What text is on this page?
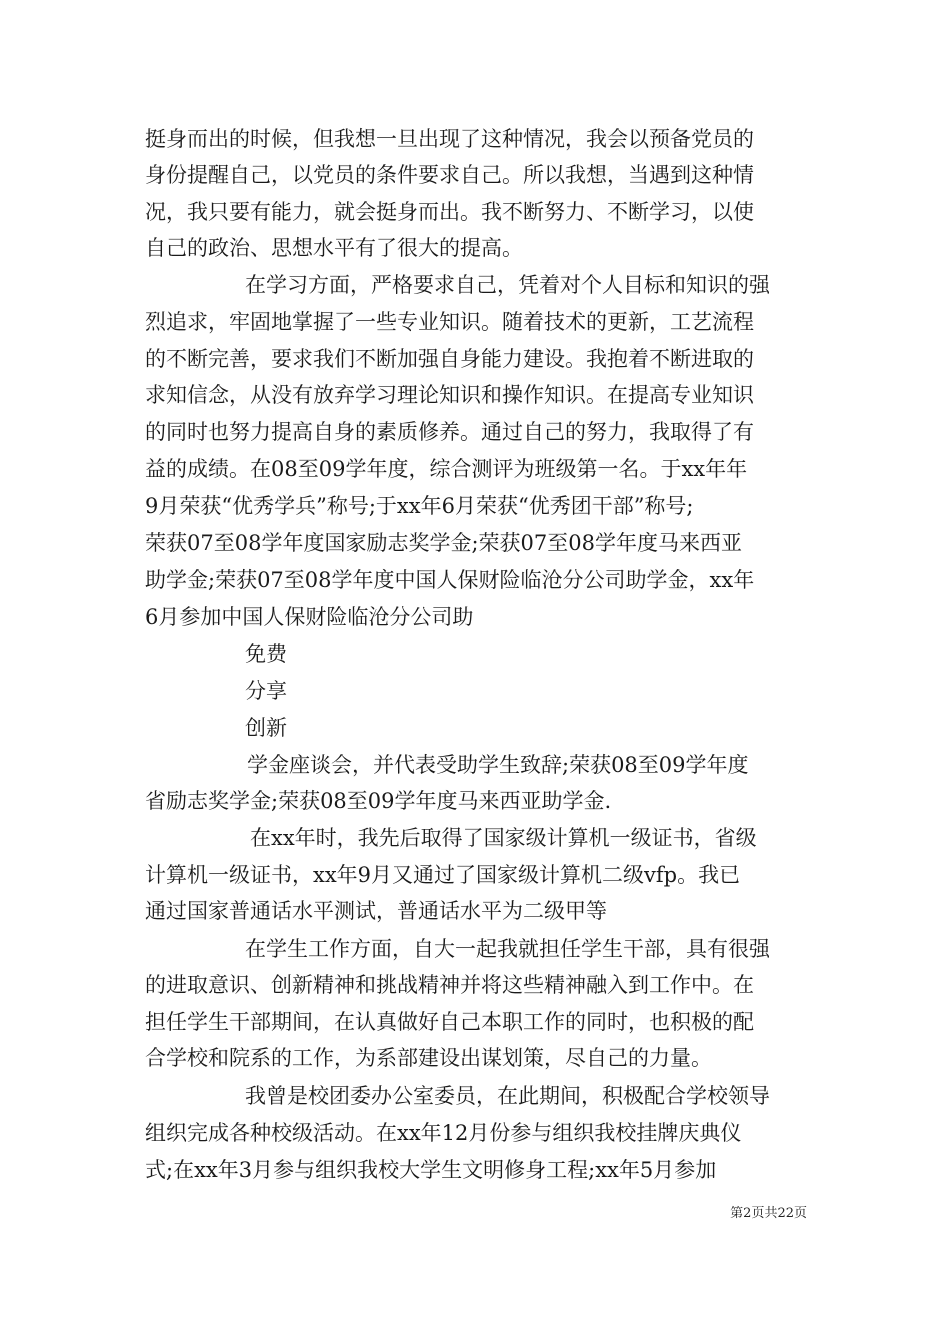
挺身而出的时候，但我想一旦出现了这种情况，我会以预备党员的
身份提醒自己，以党员的条件要求自己。所以我想，当遇到这种情
况，我只要有能力，就会挺身而出。我不断努力、不断学习，以使
自己的政治、思想水平有了很大的提高。
在学习方面，严格要求自己，凭着对个人目标和知识的强
烈追求，牢固地掌握了一些专业知识。随着技术的更新，工艺流程
的不断完善，要求我们不断加强自身能力建设。我抱着不断进取的
求知信念，从没有放弃学习理论知识和操作知识。在提高专业知识
的同时也努力提高自身的素质修养。通过自己的努力，我取得了有
益的成绩。在08至09学年度，综合测评为班级第一名。于xx年年
9月荣获“优秀学兵”称号;于xx年6月荣获“优秀团干部”称号;
荣获07至08学年度国家励志奖学金;荣获07至08学年度马来西亚
助学金;荣获07至08学年度中国人保财险临沧分公司助学金，xx年
6月参加中国人保财险临沧分公司助
免费
分享
创新
学金座谈会，并代表受助学生致辞;荣获08至09学年度
省励志奖学金;荣获08至09学年度马来西亚助学金.
在xx年时，我先后取得了国家级计算机一级证书，省级
计算机一级证书，xx年9月又通过了国家级计算机二级vfp。我已
通过国家普通话水平测试，普通话水平为二级甲等
在学生工作方面，自大一起我就担任学生干部，具有很强
的进取意识、创新精神和挑战精神并将这些精神融入到工作中。在
担任学生干部期间，在认真做好自己本职工作的同时，也积极的配
合学校和院系的工作，为系部建设出谋划策，尽自己的力量。
我曾是校团委办公室委员，在此期间，积极配合学校领导
组织完成各种校级活动。在xx年12月份参与组织我校挂牌庆典仪
式;在xx年3月参与组织我校大学生文明修身工程;xx年5月参加
第2页共22页
